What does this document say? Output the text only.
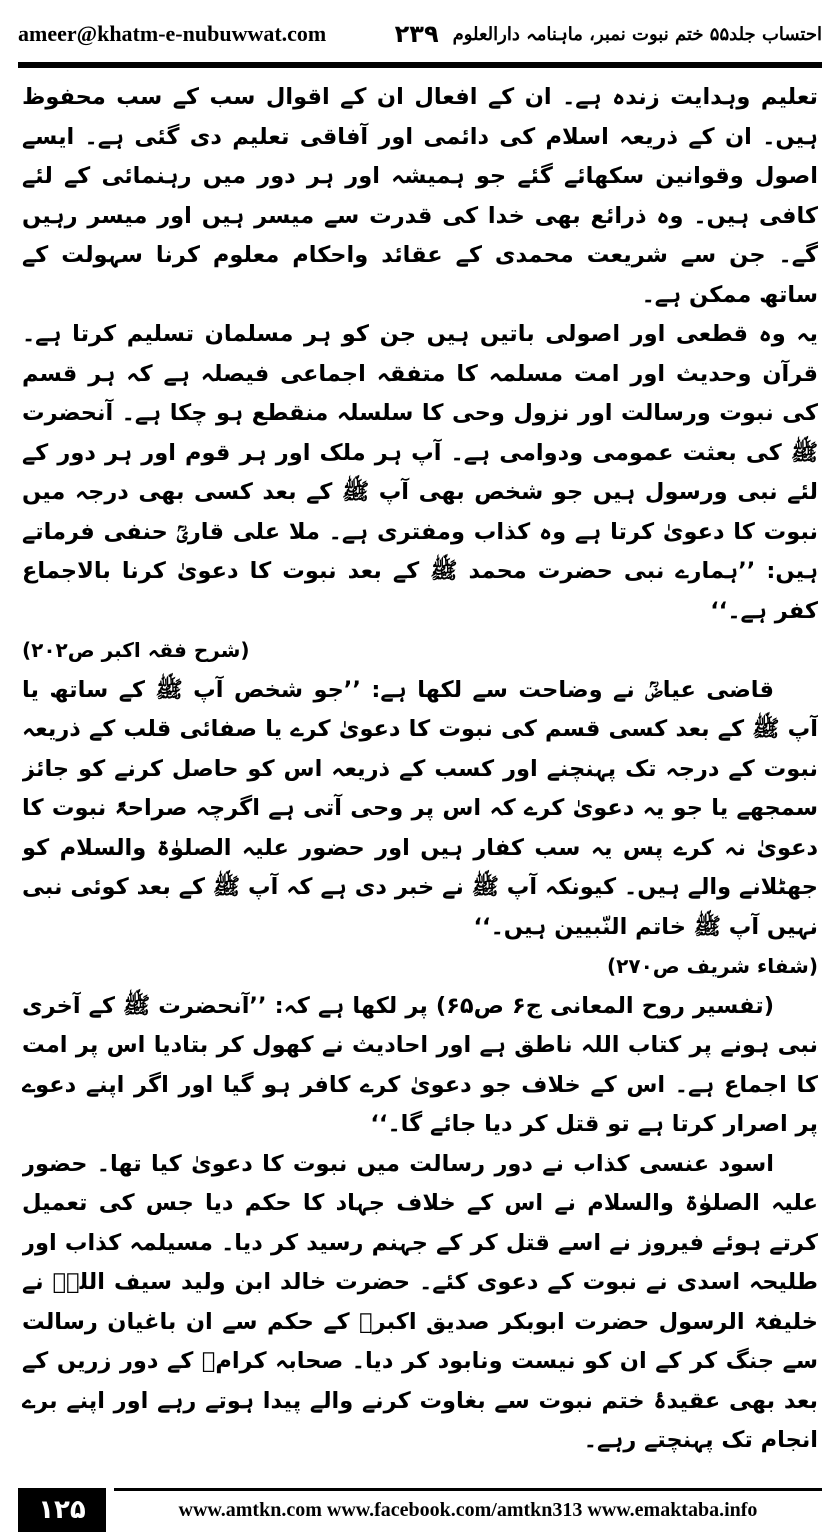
ameer@khatm-e-nubuwwat.com	احتساب جلد۵۵ ختم نبوت نمبر، ماہنامہ دارالعلوم
۲۳۹

تعلیم وہدایت زندہ ہے۔ ان کے افعال ان کے اقوال سب کے سب محفوظ ہیں۔ ان کے ذریعہ اسلام کی دائمی اور آفاقی تعلیم دی گئی ہے۔ ایسے اصول وقوانین سکھائے گئے جو ہمیشہ اور ہر دور میں رہنمائی کے لئے کافی ہیں۔ وہ ذرائع بھی خدا کی قدرت سے میسر ہیں اور میسر رہیں گے۔ جن سے شریعت محمدی کے عقائد واحکام معلوم کرنا سہولت کے ساتھ ممکن ہے۔

یہ وہ قطعی اور اصولی باتیں ہیں جن کو ہر مسلمان تسلیم کرتا ہے۔ قرآن وحدیث اور امت مسلمہ کا متفقہ اجماعی فیصلہ ہے کہ ہر قسم کی نبوت ورسالت اور نزول وحی کا سلسلہ منقطع ہو چکا ہے۔ آنحضرت ﷺ کی بعثت عمومی ودوامی ہے۔ آپ ہر ملک اور ہر قوم اور ہر دور کے لئے نبی ورسول ہیں جو شخص بھی آپ ﷺ کے بعد کسی بھی درجہ میں نبوت کا دعویٰ کرتا ہے وہ کذاب ومفتری ہے۔ ملا علی قاریؒ حنفی فرماتے ہیں: ’’ہمارے نبی حضرت محمد ﷺ کے بعد نبوت کا دعویٰ کرنا بالاجماع کفر ہے۔‘‘

(شرح فقہ اکبر ص۲۰۲)

قاضی عیاضؒ نے وضاحت سے لکھا ہے: ’’جو شخص آپ ﷺ کے ساتھ یا آپ ﷺ کے بعد کسی قسم کی نبوت کا دعویٰ کرے یا صفائی قلب کے ذریعہ نبوت کے درجہ تک پہنچنے اور کسب کے ذریعہ اس کو حاصل کرنے کو جائز سمجھے یا جو یہ دعویٰ کرے کہ اس پر وحی آتی ہے اگرچہ صراحۃً نبوت کا دعویٰ نہ کرے پس یہ سب کفار ہیں اور حضور علیہ الصلوٰۃ والسلام کو جھٹلانے والے ہیں۔ کیونکہ آپ ﷺ نے خبر دی ہے کہ آپ ﷺ کے بعد کوئی نبی نہیں آپ ﷺ خاتم النّبیین ہیں۔‘‘

(شفاء شریف ص۲۷۰)

(تفسیر روح المعانی ج۶ ص۶۵) پر لکھا ہے کہ: ’’آنحضرت ﷺ کے آخری نبی ہونے پر کتاب اللہ ناطق ہے اور احادیث نے کھول کر بتادیا اس پر امت کا اجماع ہے۔ اس کے خلاف جو دعویٰ کرے کافر ہو گیا اور اگر اپنے دعوے پر اصرار کرتا ہے تو قتل کر دیا جائے گا۔‘‘

اسود عنسی کذاب نے دور رسالت میں نبوت کا دعویٰ کیا تھا۔ حضور علیہ الصلوٰۃ والسلام نے اس کے خلاف جہاد کا حکم دیا جس کی تعمیل کرتے ہوئے فیروز نے اسے قتل کر کے جہنم رسید کر دیا۔ مسیلمہ کذاب اور طلیحہ اسدی نے نبوت کے دعوی کئے۔ حضرت خالد ابن ولید سیف اللہؓ نے خلیفۃ الرسول حضرت ابوبکر صدیق اکبرؓ کے حکم سے ان باغیان رسالت سے جنگ کر کے ان کو نیست ونابود کر دیا۔ صحابہ کرامؓ کے دور زریں کے بعد بھی عقیدۂ ختم نبوت سے بغاوت کرنے والے پیدا ہوتے رہے اور اپنے برے انجام تک پہنچتے رہے۔

۱۲۵	www.amtkn.com www.facebook.com/amtkn313 www.emaktaba.info
